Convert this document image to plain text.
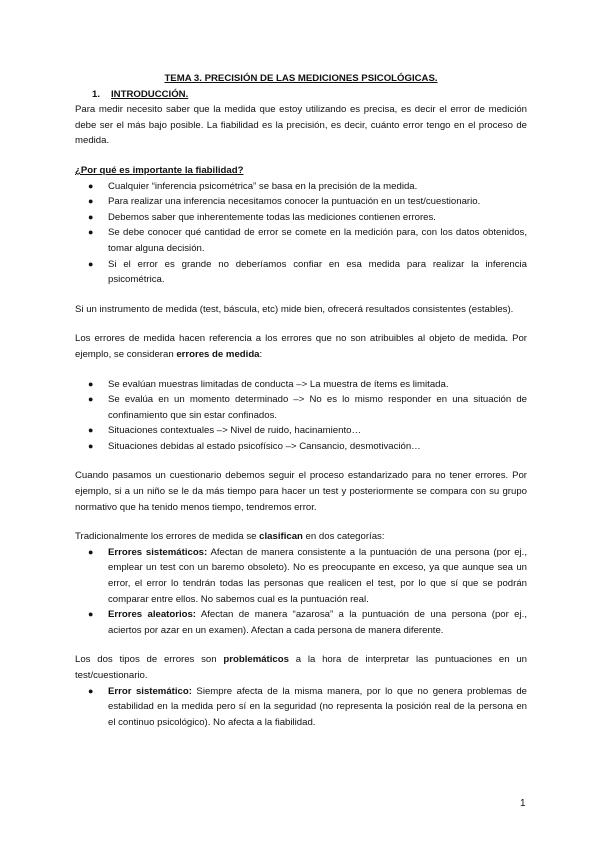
TEMA 3. PRECISIÓN DE LAS MEDICIONES PSICOLÓGICAS.

1. INTRODUCCIÓN.

Para medir necesito saber que la medida que estoy utilizando es precisa, es decir el error de medición debe ser el más bajo posible. La fiabilidad es la precisión, es decir, cuánto error tengo en el proceso de medida.

¿Por qué es importante la fiabilidad?

● Cualquier “inferencia psicométrica” se basa en la precisión de la medida.
● Para realizar una inferencia necesitamos conocer la puntuación en un test/cuestionario.
● Debemos saber que inherentemente todas las mediciones contienen errores.
● Se debe conocer qué cantidad de error se comete en la medición para, con los datos obtenidos, tomar alguna decisión.
● Si el error es grande no deberíamos confiar en esa medida para realizar la inferencia psicométrica.

Si un instrumento de medida (test, báscula, etc) mide bien, ofrecerá resultados consistentes (estables).

Los errores de medida hacen referencia a los errores que no son atribuibles al objeto de medida. Por ejemplo, se consideran errores de medida:

● Se evalúan muestras limitadas de conducta –> La muestra de ítems es limitada.
● Se evalúa en un momento determinado –> No es lo mismo responder en una situación de confinamiento que sin estar confinados.
● Situaciones contextuales –> Nivel de ruido, hacinamiento…
● Situaciones debidas al estado psicofísico –> Cansancio, desmotivación…

Cuando pasamos un cuestionario debemos seguir el proceso estandarizado para no tener errores. Por ejemplo, si a un niño se le da más tiempo para hacer un test y posteriormente se compara con su grupo normativo que ha tenido menos tiempo, tendremos error.

Tradicionalmente los errores de medida se clasifican en dos categorías:

● Errores sistemáticos: Afectan de manera consistente a la puntuación de una persona (por ej., emplear un test con un baremo obsoleto). No es preocupante en exceso, ya que aunque sea un error, el error lo tendrán todas las personas que realicen el test, por lo que sí que se podrán comparar entre ellos. No sabemos cual es la puntuación real.
● Errores aleatorios: Afectan de manera “azarosa” a la puntuación de una persona (por ej., aciertos por azar en un examen). Afectan a cada persona de manera diferente.

Los dos tipos de errores son problemáticos a la hora de interpretar las puntuaciones en un test/cuestionario.

● Error sistemático: Siempre afecta de la misma manera, por lo que no genera problemas de estabilidad en la medida pero sí en la seguridad (no representa la posición real de la persona en el continuo psicológico). No afecta a la fiabilidad.
1
